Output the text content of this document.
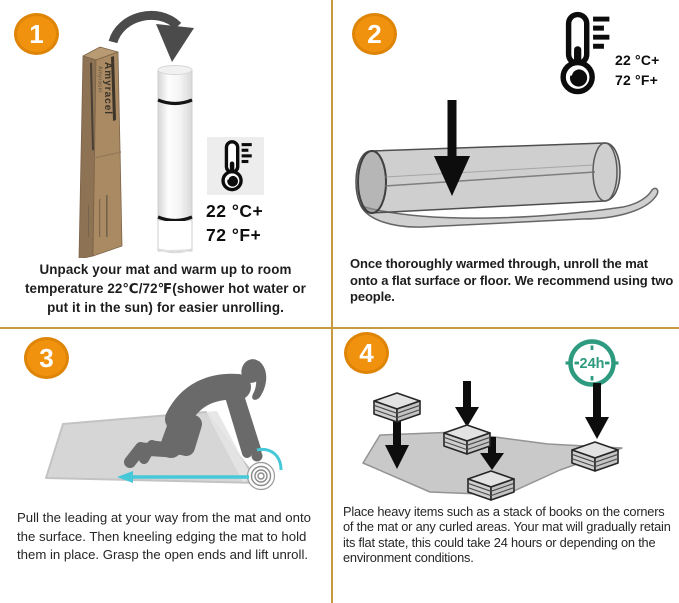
1
Amyracel
Amyracel
22 °C+
72 °F+

Unpack your mat and warm up to room temperature 22℃/72℉(shower hot water or put it in the sun) for easier unrolling.

2
22 °C+
72 °F+

Once thoroughly warmed through, unroll the mat onto a flat surface or floor. We recommend using two people.

3

Pull the leading at your way from the mat and onto the surface. Then kneeling edging the mat to hold them in place. Grasp the open ends and lift unroll.

4	24h

Place heavy items such as a stack of books on the corners of the mat or any curled areas. Your mat will gradually retain its flat state, this could take 24 hours or depending on the environment conditions.
